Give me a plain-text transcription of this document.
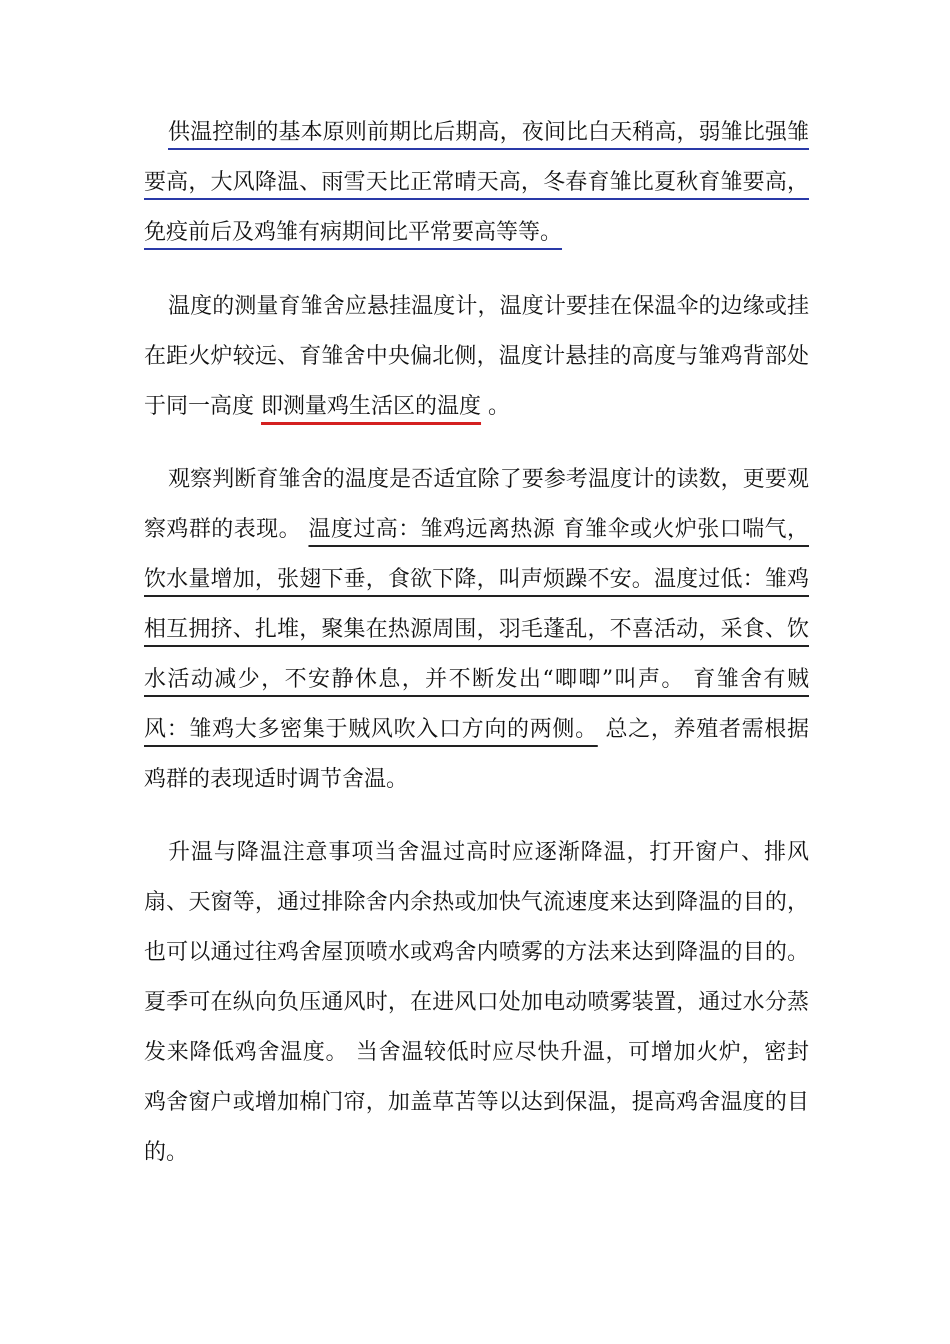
供温控制的基本原则前期比后期高，夜间比白天稍高，弱雏比强雏要高，大风降温、雨雪天比正常晴天高，冬春育雏比夏秋育雏要高，免疫前后及鸡雏有病期间比平常要高等等。

温度的测量育雏舍应悬挂温度计，温度计要挂在保温伞的边缘或挂在距火炉较远、育雏舍中央偏北侧，温度计悬挂的高度与雏鸡背部处于同一高度 即测量鸡生活区的温度 。

观察判断育雏舍的温度是否适宜除了要参考温度计的读数，更要观察鸡群的表现。 温度过高：雏鸡远离热源 育雏伞或火炉张口喘气，饮水量增加，张翅下垂，食欲下降，叫声烦躁不安。温度过低：雏鸡相互拥挤、扎堆，聚集在热源周围，羽毛蓬乱，不喜活动，采食、饮水活动减少，不安静休息，并不断发出“唧唧”叫声。 育雏舍有贼风：雏鸡大多密集于贼风吹入口方向的两侧。 总之，养殖者需根据鸡群的表现适时调节舍温。

升温与降温注意事项当舍温过高时应逐渐降温，打开窗户、排风扇、天窗等，通过排除舍内余热或加快气流速度来达到降温的目的，也可以通过往鸡舍屋顶喷水或鸡舍内喷雾的方法来达到降温的目的。夏季可在纵向负压通风时，在进风口处加电动喷雾装置，通过水分蒸发来降低鸡舍温度。 当舍温较低时应尽快升温，可增加火炉，密封鸡舍窗户或增加棉门帘，加盖草苫等以达到保温，提高鸡舍温度的目的。
